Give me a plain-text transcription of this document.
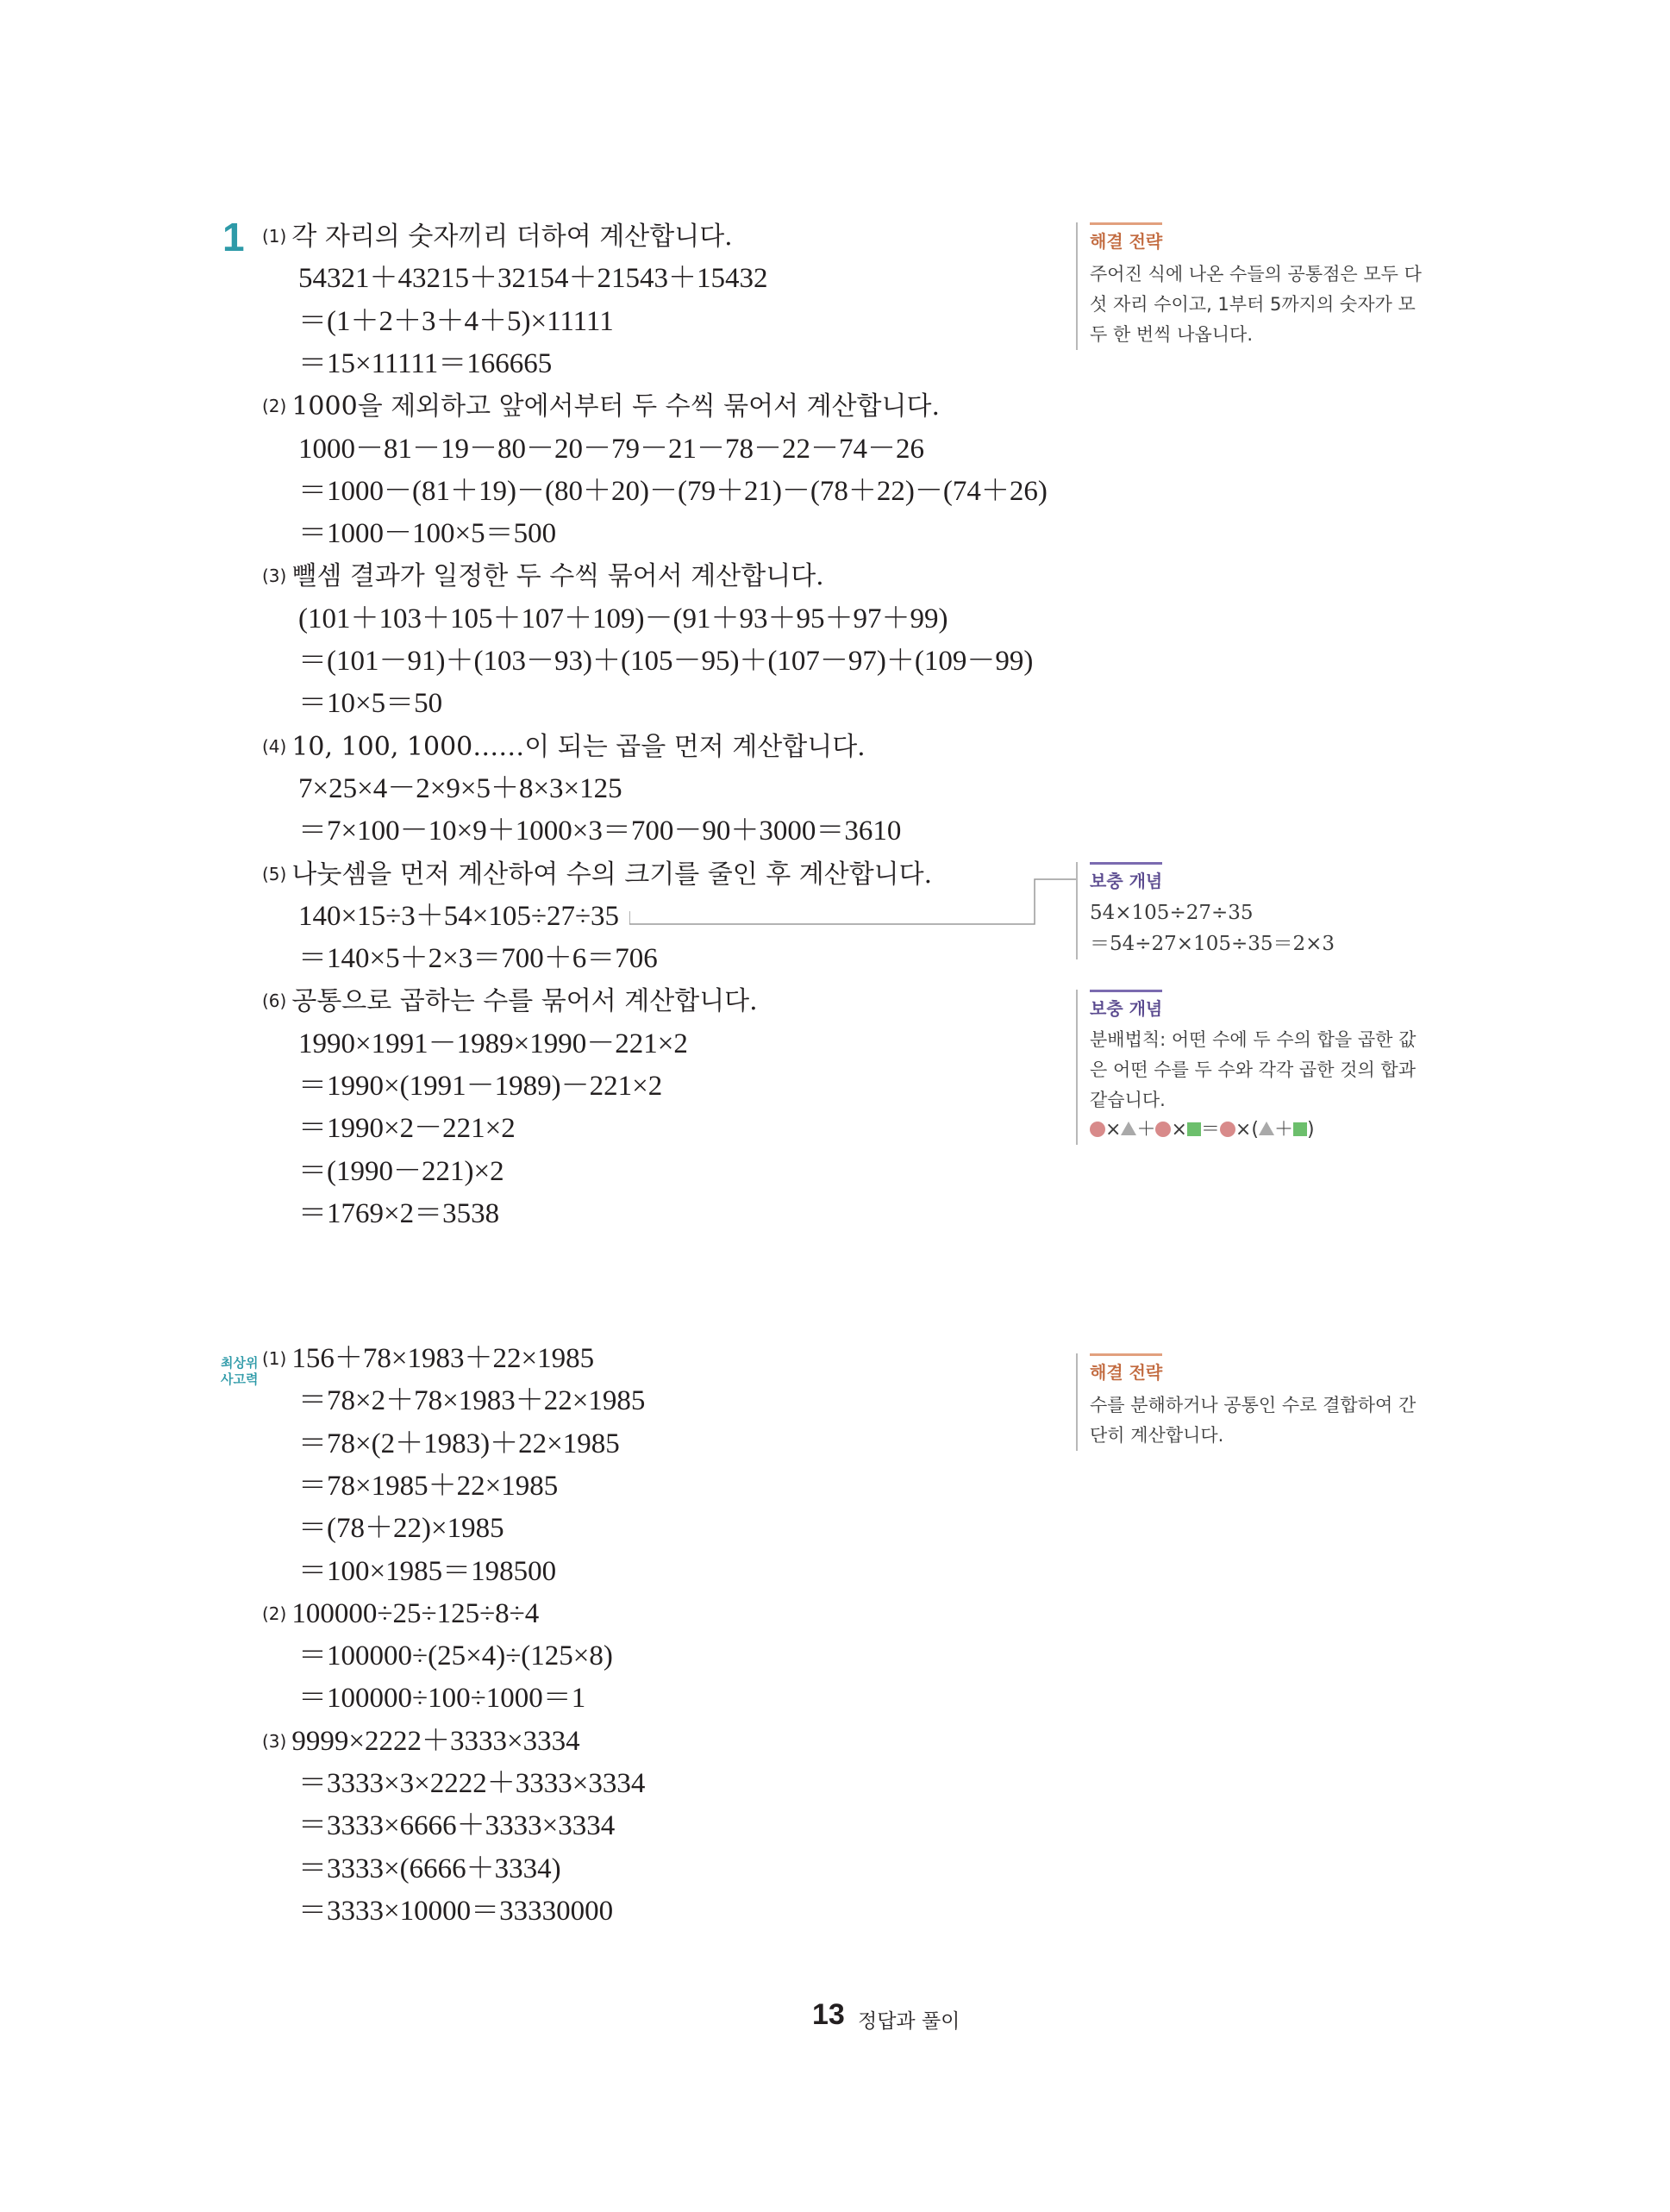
1
최상위
사고력
(1) 각 자리의 숫자끼리 더하여 계산합니다.
54321＋43215＋32154＋21543＋15432
＝(1＋2＋3＋4＋5)×11111
＝15×11111＝166665
(2) 1000을 제외하고 앞에서부터 두 수씩 묶어서 계산합니다.
1000－81－19－80－20－79－21－78－22－74－26
＝1000－(81＋19)－(80＋20)－(79＋21)－(78＋22)－(74＋26)
＝1000－100×5＝500
(3) 뺄셈 결과가 일정한 두 수씩 묶어서 계산합니다.
(101＋103＋105＋107＋109)－(91＋93＋95＋97＋99)
＝(101－91)＋(103－93)＋(105－95)＋(107－97)＋(109－99)
＝10×5＝50
(4) 10, 100, 1000……이 되는 곱을 먼저 계산합니다.
7×25×4－2×9×5＋8×3×125
＝7×100－10×9＋1000×3＝700－90＋3000＝3610
(5) 나눗셈을 먼저 계산하여 수의 크기를 줄인 후 계산합니다.
140×15÷3＋54×105÷27÷35
＝140×5＋2×3＝700＋6＝706
(6) 공통으로 곱하는 수를 묶어서 계산합니다.
1990×1991－1989×1990－221×2
＝1990×(1991－1989)－221×2
＝1990×2－221×2
＝(1990－221)×2
＝1769×2＝3538
(1) 156＋78×1983＋22×1985
＝78×2＋78×1983＋22×1985
＝78×(2＋1983)＋22×1985
＝78×1985＋22×1985
＝(78＋22)×1985
＝100×1985＝198500
(2) 100000÷25÷125÷8÷4
＝100000÷(25×4)÷(125×8)
＝100000÷100÷1000＝1
(3) 9999×2222＋3333×3334
＝3333×3×2222＋3333×3334
＝3333×6666＋3333×3334
＝3333×(6666＋3334)
＝3333×10000＝33330000
해결 전략
주어진 식에 나온 수들의 공통점은 모두 다
섯 자리 수이고, 1부터 5까지의 숫자가 모
두 한 번씩 나옵니다.
보충 개념
54×105÷27÷35
＝54÷27×105÷35＝2×3
보충 개념
분배법칙: 어떤 수에 두 수의 합을 곱한 값
은 어떤 수를 두 수와 각각 곱한 것의 합과
같습니다.
× ＋ × ＝ ×( ＋ )
해결 전략
수를 분해하거나 공통인 수로 결합하여 간
단히 계산합니다.
13 정답과 풀이
